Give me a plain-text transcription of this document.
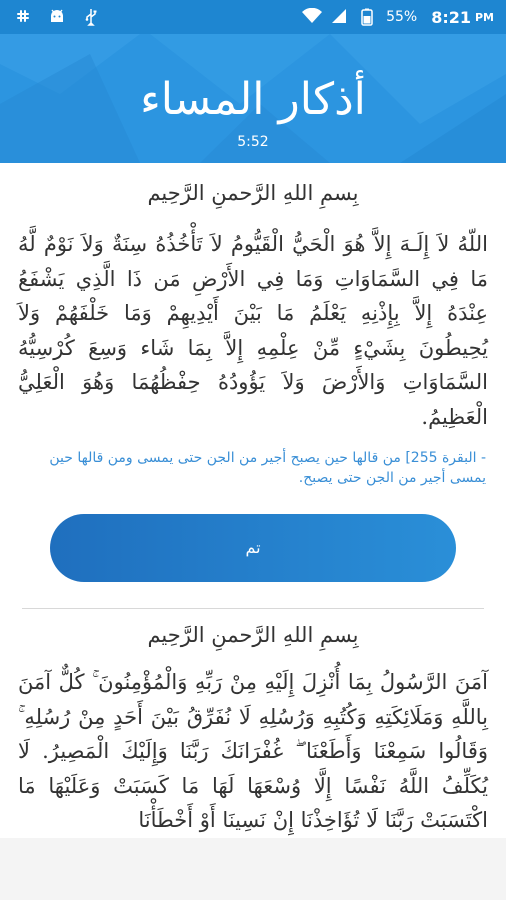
55% 8:21 PM
أذكار المساء
5:52
بِسمِ اللهِ الرَّحمنِ الرَّحِيم
اللّهُ لاَ إِلَـهَ إِلاَّ هُوَ الْحَيُّ الْقَيُّومُ لاَ تَأْخُذُهُ سِنَةٌ وَلاَ نَوْمٌ لَّهُ مَا فِي السَّمَاوَاتِ وَمَا فِي الأَرْضِ مَن ذَا الَّذِي يَشْفَعُ عِنْدَهُ إِلاَّ بِإِذْنِهِ يَعْلَمُ مَا بَيْنَ أَيْدِيهِمْ وَمَا خَلْفَهُمْ وَلاَ يُحِيطُونَ بِشَيْءٍ مِّنْ عِلْمِهِ إِلاَّ بِمَا شَاء وَسِعَ كُرْسِيُّهُ السَّمَاوَاتِ وَالأَرْضَ وَلاَ يَؤُودُهُ حِفْظُهُمَا وَهُوَ الْعَلِيُّ الْعَظِيمُ.
- البقرة 255] من قالها حين يصبح أجير من الجن حتى يمسى ومن قالها حين يمسى أجير من الجن حتى يصبح.
تم
بِسمِ اللهِ الرَّحمنِ الرَّحِيم
آمَنَ الرَّسُولُ بِمَا أُنْزِلَ إِلَيْهِ مِنْ رَبِّهِ وَالْمُؤْمِنُونَ ۚ كُلٌّ آمَنَ بِاللَّهِ وَمَلَائِكَتِهِ وَكُتُبِهِ وَرُسُلِهِ لَا نُفَرِّقُ بَيْنَ أَحَدٍ مِنْ رُسُلِهِ ۚ وَقَالُوا سَمِعْنَا وَأَطَعْنَا ۖ غُفْرَانَكَ رَبَّنَا وَإِلَيْكَ الْمَصِيرُ. لَا يُكَلِّفُ اللَّهُ نَفْسًا إِلَّا وُسْعَهَا لَهَا مَا كَسَبَتْ وَعَلَيْهَا مَا اكْتَسَبَتْ رَبَّنَا لَا تُؤَاخِذْنَا إِنْ نَسِينَا أَوْ أَخْطَأْنَا
